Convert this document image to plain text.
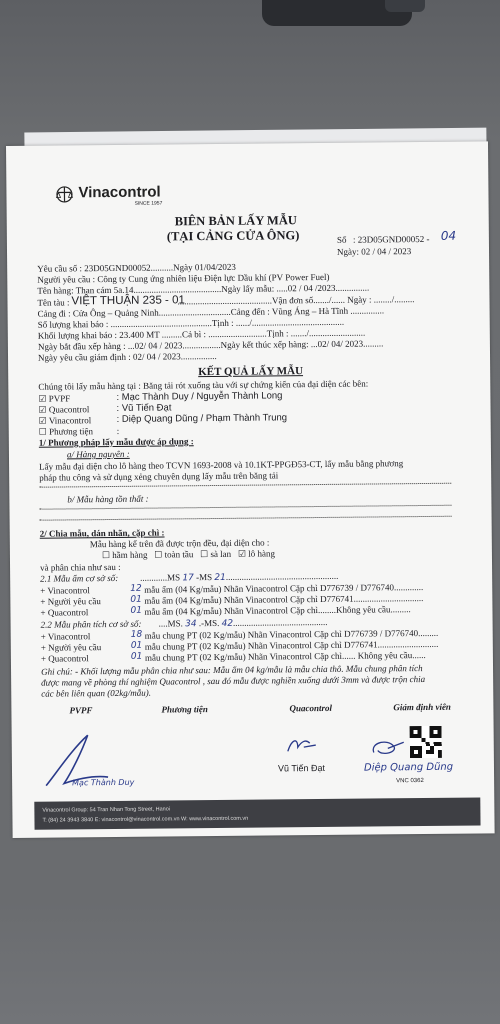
Vinacontrol
SINCE 1957
BIÊN BẢN LẤY MẪU
(TẠI CẢNG CỬA ÔNG)	Số : 23D05GND00052 - 04
Ngày: 02 / 04 / 2023
Yêu cầu số : 23D05GND00052..........Ngày 01/04/2023
Người yêu cầu : Công ty Cung ứng nhiên liệu Điện lực Dầu khí (PV Power Fuel)
Tên hàng: Than cám 5a.14.......................................Ngày lấy mẫu: .....02 / 04 /2023...............
Tên tàu : VIỆT THUẬN 235 - 01
..........................................Vận đơn số......./...... Ngày : ......../.........
Cảng đi : Cửa Ông – Quảng Ninh................................Cảng đến : Vũng Áng – Hà Tĩnh ...............
Số lượng khai báo : .............................................Tịnh : ....../.........................................
Khối lượng khai báo : 23.400 MT .........Cả bì : ..........................Tịnh : ......./.........................
Ngày bắt đầu xếp hàng : ...02/ 04 / 2023.................Ngày kết thúc xếp hàng: ...02/ 04/ 2023.........
Ngày yêu cầu giám định : 02/ 04 / 2023................
KẾT QUẢ LẤY MẪU
Chúng tôi lấy mẫu hàng tại : Băng tải rót xuống tàu với sự chứng kiến của đại diện các bên:
☑ PVPF	: Mạc Thành Duy / Nguyễn Thành Long
☑ Quacontrol	: Vũ Tiến Đạt
☑ Vinacontrol	: Diệp Quang Dũng / Phạm Thành Trung
☐ Phương tiện	:
1/ Phương pháp lấy mẫu được áp dụng :
a/ Hàng nguyên :
Lấy mẫu đại diện cho lô hàng theo TCVN 1693-2008 và 10.1KT-PPGĐ53-CT, lấy mẫu bằng phương
pháp thu công và sử dụng xẻng chuyên dụng lấy mẫu trên băng tải
b/ Mẫu hàng tồn thất :
2/ Chia mẫu, dán nhãn, cặp chì :
Mẫu hàng kể trên đã được trộn đều, đại diện cho :
☐ hầm hàng ☐ toàn tầu ☐ sà lan ☑ lô hàng
và phân chia như sau :
2.1 Mẫu ẩm cơ sở số: ............MS 17 -MS 21..................................................
+ Vinacontrol	12 mẫu ẩm (04 Kg/mẫu) Nhãn Vinacontrol Cặp chì D776739 / D776740.............
+ Người yêu cầu	01 mẫu ẩm (04 Kg/mẫu) Nhãn Vinacontrol Cặp chì D776741...............................
+ Quacontrol	01 mẫu ẩm (04 Kg/mẫu) Nhãn Vinacontrol Cặp chì........Không yêu cầu.........
2.2 Mẫu phân tích cơ sở số: ....MS. 34 .-MS. 42..........................................
+ Vinacontrol	18 mẫu chung PT (02 Kg/mẫu) Nhãn Vinacontrol Cặp chì D776739 / D776740.........
+ Người yêu cầu	01 mẫu chung PT (02 Kg/mẫu) Nhãn Vinacontrol Cặp chì D776741...........................
+ Quacontrol	01 mẫu chung PT (02 Kg/mẫu) Nhãn Vinacontrol Cặp chì...... Không yêu cầu......
Ghi chú: - Khối lượng mẫu phân chia như sau: Mẫu ẩm 04 kg/mẫu là mẫu chia thô. Mẫu chung phân tích
được mang về phòng thí nghiệm Quacontrol , sau đó mẫu được nghiền xuống dưới 3mm và được trộn chia
các bên liên quan (02kg/mẫu).
PVPF	Phương tiện	Quacontrol	Giám định viên
Mạc Thành Duy
Vũ Tiến Đạt	Diệp Quang Dũng
VNC 0362
Vinacontrol Group: 54 Tran Nhan Tong Street, Hanoi
T: (84) 24 3943 3840 E: vinacontrol@vinacontrol.com.vn W: www.vinacontrol.com.vn
